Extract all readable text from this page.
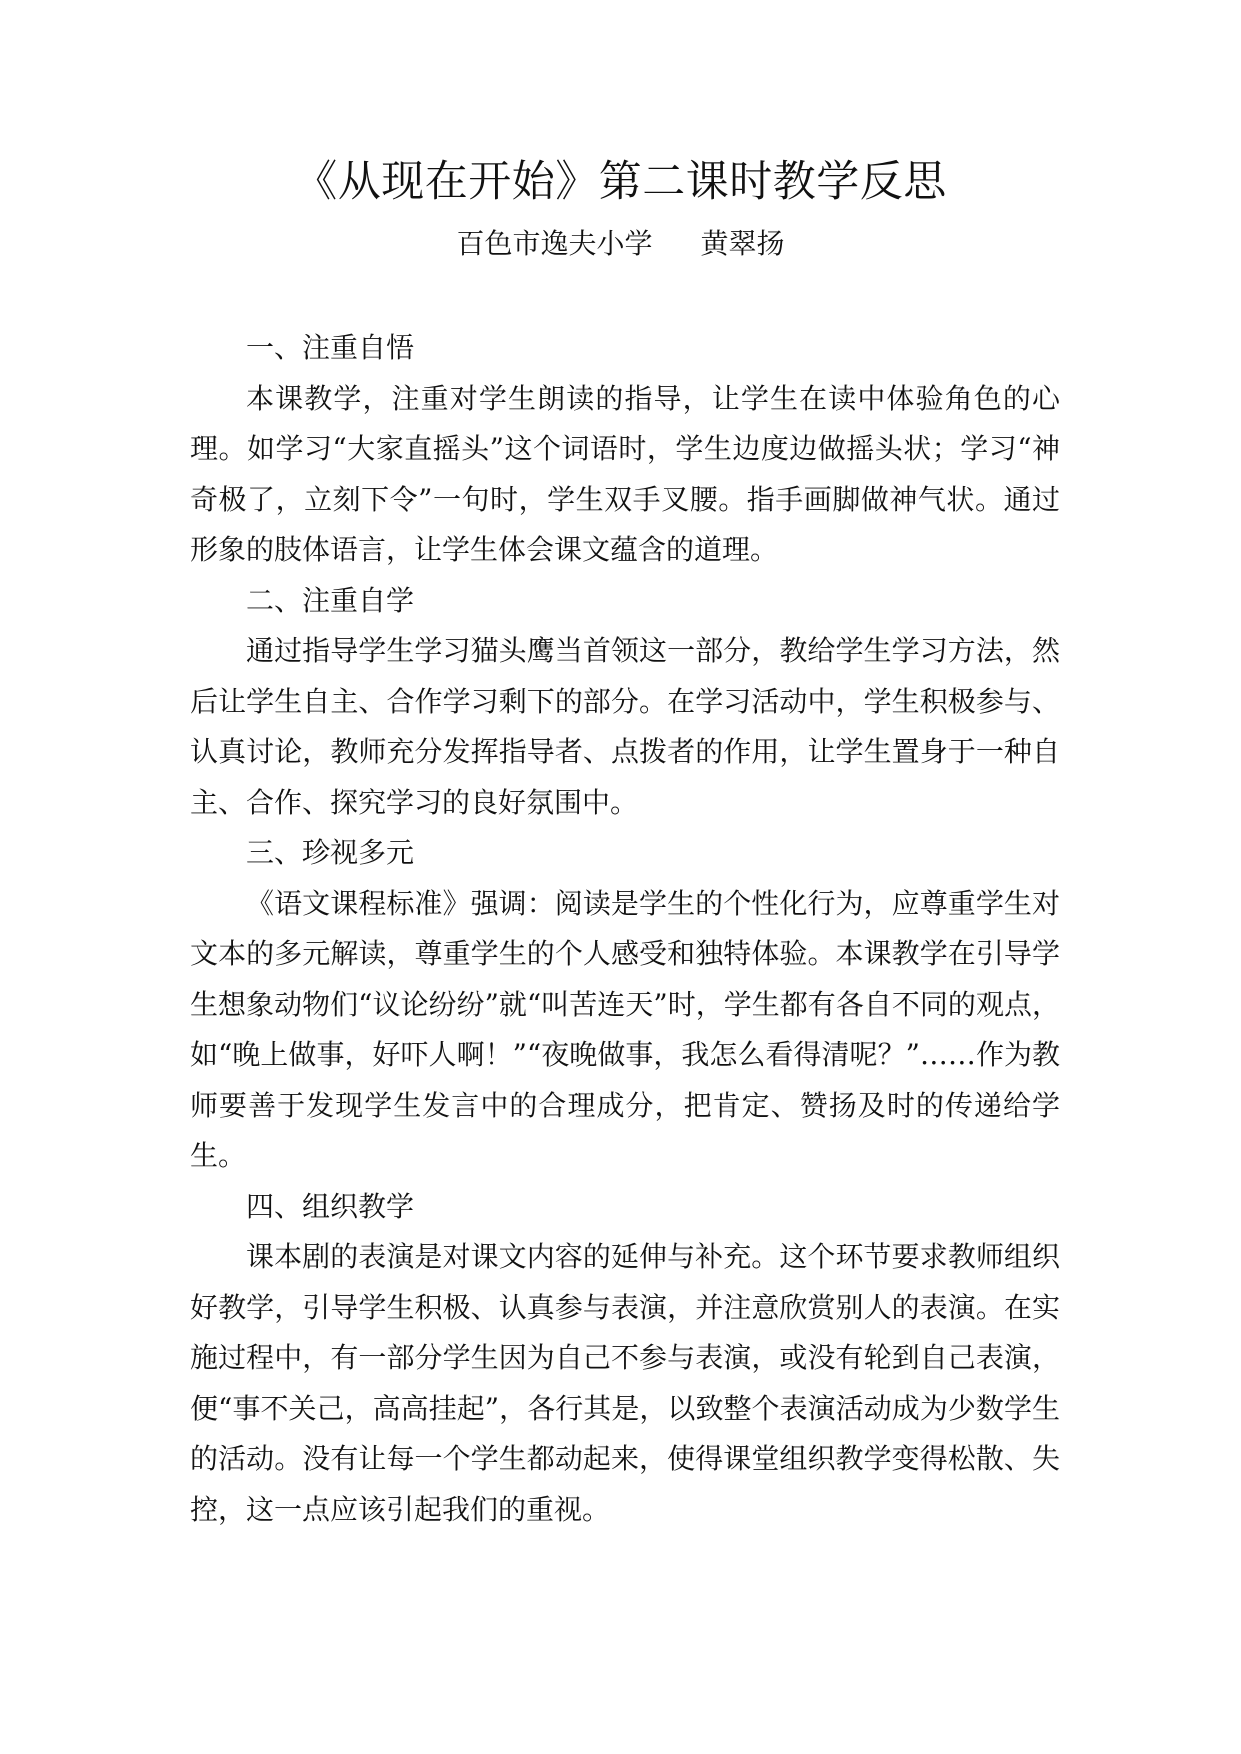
《从现在开始》第二课时教学反思
百色市逸夫小学 黄翠扬
一、注重自悟

本课教学，注重对学生朗读的指导，让学生在读中体验角色的心理。如学习“大家直摇头”这个词语时，学生边度边做摇头状；学习“神奇极了，立刻下令”一句时，学生双手叉腰。指手画脚做神气状。通过形象的肢体语言，让学生体会课文蕴含的道理。

二、注重自学

通过指导学生学习猫头鹰当首领这一部分，教给学生学习方法，然后让学生自主、合作学习剩下的部分。在学习活动中，学生积极参与、认真讨论，教师充分发挥指导者、点拨者的作用，让学生置身于一种自主、合作、探究学习的良好氛围中。

三、珍视多元

《语文课程标准》强调：阅读是学生的个性化行为，应尊重学生对文本的多元解读，尊重学生的个人感受和独特体验。本课教学在引导学生想象动物们“议论纷纷”就“叫苦连天”时，学生都有各自不同的观点，如“晚上做事，好吓人啊！”“夜晚做事，我怎么看得清呢？”……作为教师要善于发现学生发言中的合理成分，把肯定、赞扬及时的传递给学生。

四、组织教学

课本剧的表演是对课文内容的延伸与补充。这个环节要求教师组织好教学，引导学生积极、认真参与表演，并注意欣赏别人的表演。在实施过程中，有一部分学生因为自己不参与表演，或没有轮到自己表演，便“事不关己，高高挂起”，各行其是，以致整个表演活动成为少数学生的活动。没有让每一个学生都动起来，使得课堂组织教学变得松散、失控，这一点应该引起我们的重视。
